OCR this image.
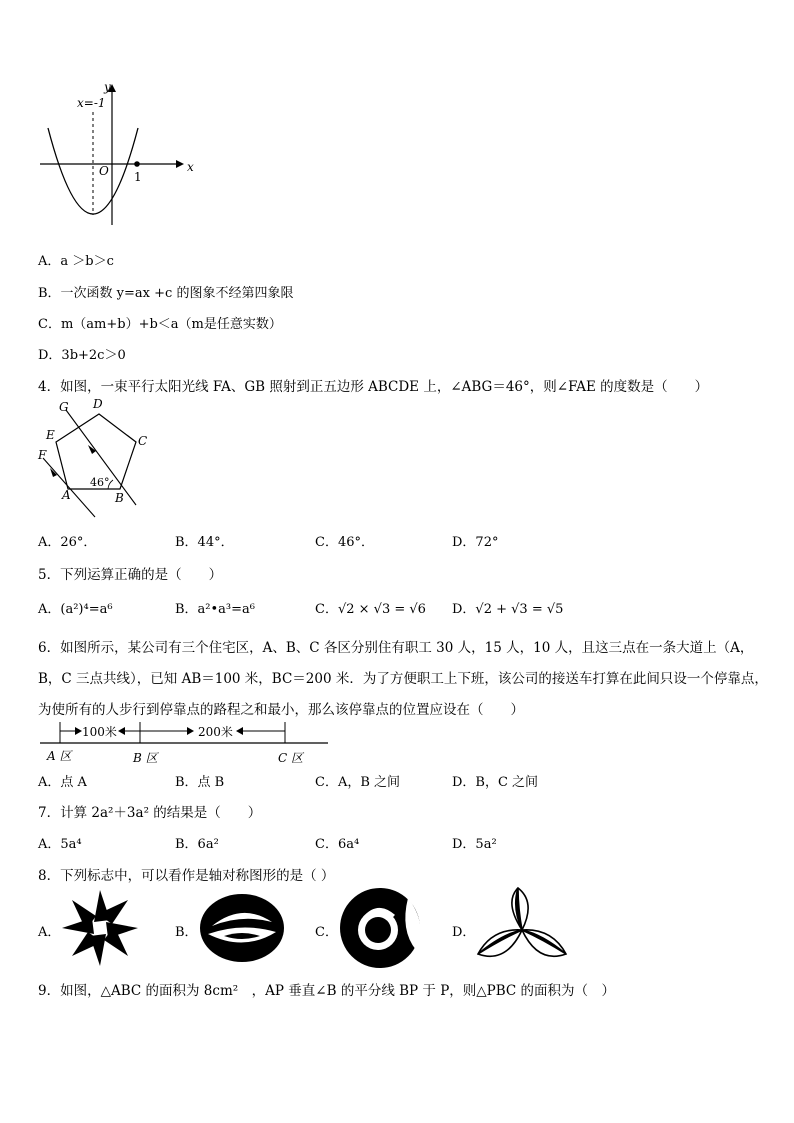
x=-1
y
x
O 1
A．a ＞b＞c
B．一次函数 y=ax +c 的图象不经第四象限
C．m（am+b）+b＜a（m是任意实数）
D．3b+2c＞0
4．如图，一束平行太阳光线 FA、GB 照射到正五边形 ABCDE 上，∠ABG＝46°，则∠FAE 的度数是（　　）
G D
C
E
F
A	B
46°
A．26°．	B．44°．	C．46°．	D．72°
5．下列运算正确的是（　　）
A．(a²)⁴=a⁶	B．a²•a³=a⁶	C．√2 × √3 = √6 D．√2 + √3 = √5
6．如图所示，某公司有三个住宅区，A、B、C 各区分别住有职工 30 人，15 人，10 人，且这三点在一条大道上（A，
B，C 三点共线），已知 AB＝100 米，BC＝200 米．为了方便职工上下班，该公司的接送车打算在此间只设一个停靠点，
为使所有的人步行到停靠点的路程之和最小，那么该停靠点的位置应设在（　　）
100米	200米
A 区	B 区	C 区
A．点 A	B．点 B	C．A，B 之间	D．B，C 之间
7．计算 2a²＋3a² 的结果是（　　）
A．5a⁴	B．6a²	C．6a⁴	D．5a²
8．下列标志中，可以看作是轴对称图形的是（ ）
A．	B．	C．	D．
9．如图，△ABC 的面积为 8cm²　，AP 垂直∠B 的平分线 BP 于 P，则△PBC 的面积为（　）
